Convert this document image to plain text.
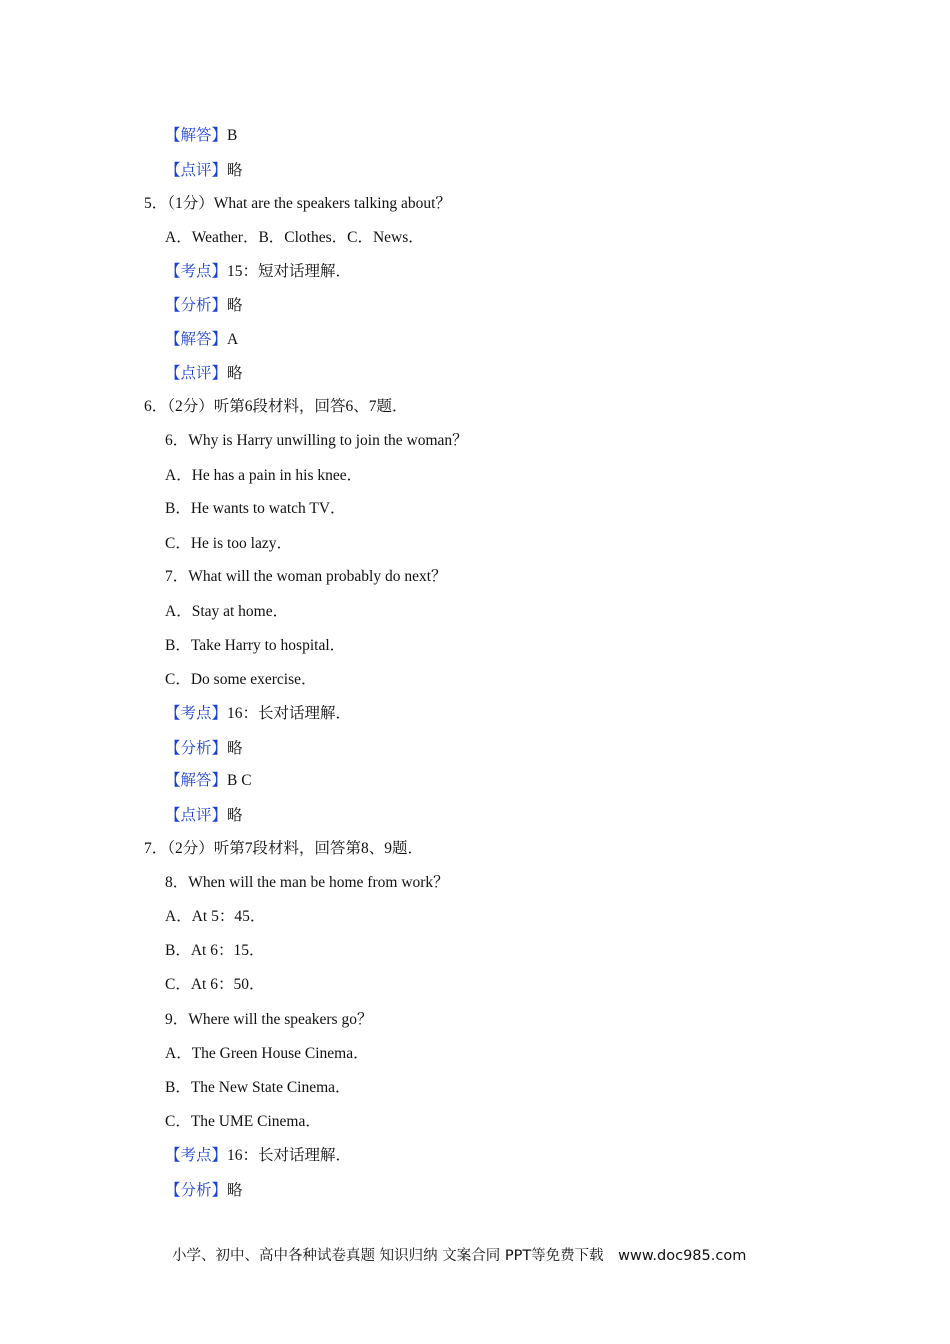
【解答】B
【点评】略
5．（1分）What are the speakers talking about？
A．Weather．B．Clothes．C．News．
【考点】15：短对话理解．
【分析】略
【解答】A
【点评】略
6．（2分）听第6段材料，回答6、7题．
6．Why is Harry unwilling to join the woman？
A．He has a pain in his knee．
B．He wants to watch TV．
C．He is too lazy．
7．What will the woman probably do next？
A．Stay at home．
B．Take Harry to hospital．
C．Do some exercise．
【考点】16：长对话理解．
【分析】略
【解答】B C
【点评】略
7．（2分）听第7段材料，回答第8、9题．
8．When will the man be home from work？
A．At 5：45．
B．At 6：15．
C．At 6：50．
9．Where will the speakers go？
A．The Green House Cinema．
B．The New State Cinema．
C．The UME Cinema．
【考点】16：长对话理解．
【分析】略
小学、初中、高中各种试卷真题 知识归纳 文案合同 PPT等免费下载　www.doc985.com
